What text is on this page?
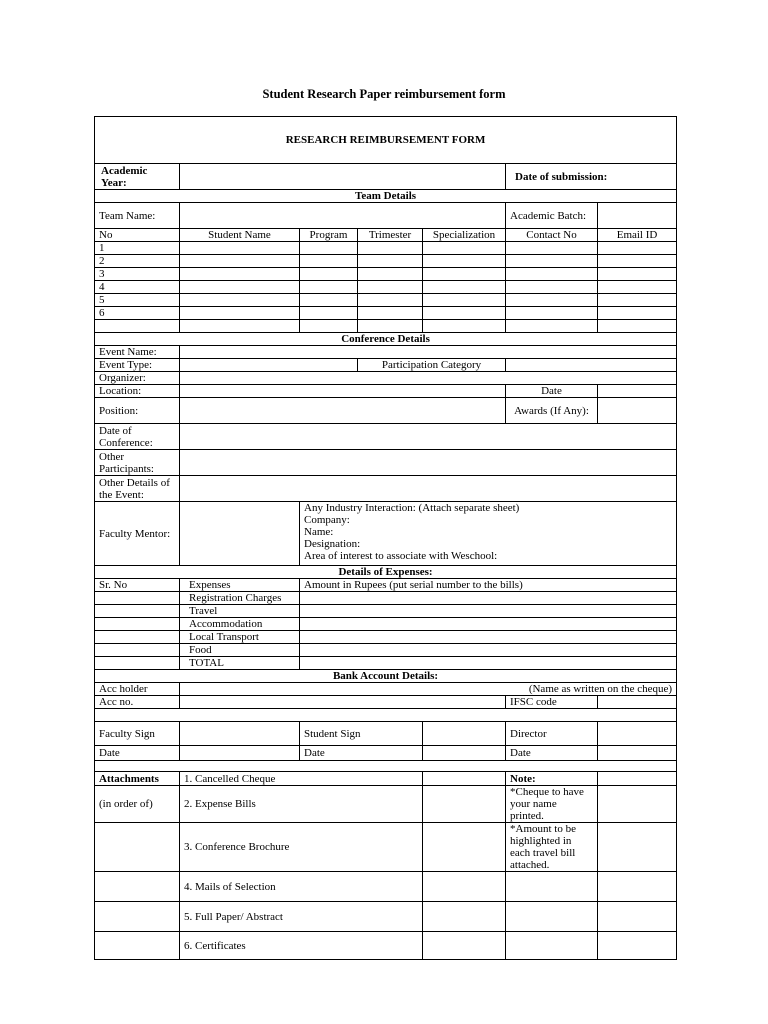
Student Research Paper reimbursement form
RESEARCH REIMBURSEMENT FORM						
Academic Year:					Date of submission:	
Team Details						
Team Name:					Academic Batch:	
No	Student Name	Program	Trimester	Specialization	Contact No	Email ID
1						
2						
3						
4						
5						
6						

Conference Details						
Event Name:						
Event Type:			Participation Category			
Organizer:						
Location:					Date	
Position:					Awards (If Any):	
Date of Conference:						
Other Participants:						
Other Details of the Event:						
Faculty Mentor:		Any Industry Interaction: (Attach separate sheet)
Company:
Name:
Designation:
Area of interest to associate with Weschool:				

Details of Expenses:						
Sr. No	Expenses	Amount in Rupees (put serial number to the bills)				
	Registration Charges					
	Travel					
	Accommodation					
	Local Transport					
	Food					
	TOTAL					
Bank Account Details:						
Acc holder	(Name as written on the cheque)					
Acc no.					IFSC code	

Faculty Sign		Student Sign			Director	
Date		Date			Date	

Attachments	1. Cancelled Cheque				Note:	
(in order of)	2. Expense Bills				*Cheque to have your name printed.	
	3. Conference Brochure				*Amount to be highlighted in each travel bill attached.	
	4. Mails of Selection					
	5. Full Paper/ Abstract					
	6. Certificates					
